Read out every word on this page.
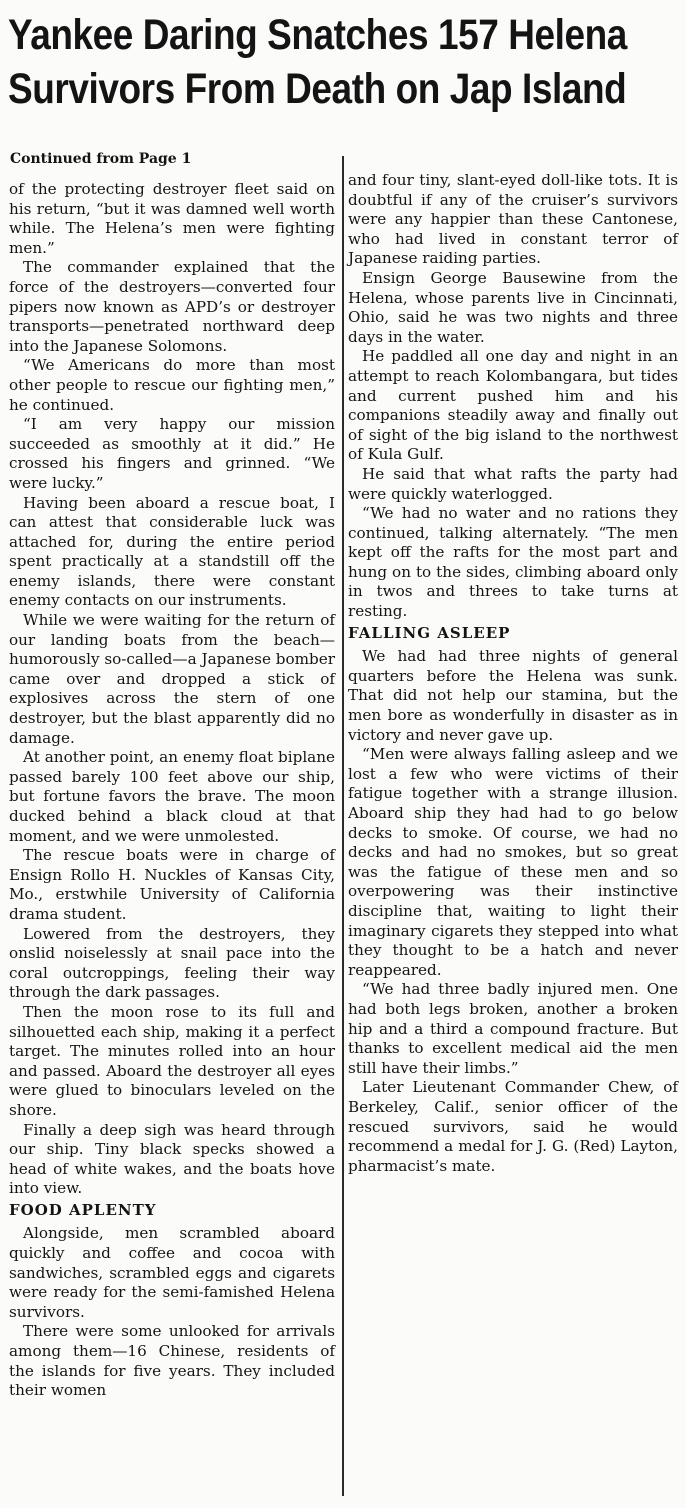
Yankee Daring Snatches 157 Helena
Survivors From Death on Jap Island
Continued from Page 1

of the protecting destroyer fleet said on his return, “but it was damned well worth while. The Helena’s men were fighting men.”

The commander explained that the force of the destroyers—converted four pipers now known as APD’s or destroyer transports—penetrated northward deep into the Japanese Solomons.

“We Americans do more than most other people to rescue our fighting men,” he continued.

“I am very happy our mission succeeded as smoothly at it did.” He crossed his fingers and grinned. “We were lucky.”

Having been aboard a rescue boat, I can attest that considerable luck was attached for, during the entire period spent practically at a standstill off the enemy islands, there were constant enemy contacts on our instruments.

While we were waiting for the return of our landing boats from the beach—humorously so-called—a Japanese bomber came over and dropped a stick of explosives across the stern of one destroyer, but the blast apparently did no damage.

At another point, an enemy float biplane passed barely 100 feet above our ship, but fortune favors the brave. The moon ducked behind a black cloud at that moment, and we were unmolested.

The rescue boats were in charge of Ensign Rollo H. Nuckles of Kansas City, Mo., erstwhile University of California drama student.

Lowered from the destroyers, they onslid noiselessly at snail pace into the coral outcroppings, feeling their way through the dark passages.

Then the moon rose to its full and silhouetted each ship, making it a perfect target. The minutes rolled into an hour and passed. Aboard the destroyer all eyes were glued to binoculars leveled on the shore.

Finally a deep sigh was heard through our ship. Tiny black specks showed a head of white wakes, and the boats hove into view.

FOOD APLENTY

Alongside, men scrambled aboard quickly and coffee and cocoa with sandwiches, scrambled eggs and cigarets were ready for the semi-famished Helena survivors.

There were some unlooked for arrivals among them—16 Chinese, residents of the islands for five years. They included their women

and four tiny, slant-eyed doll-like tots. It is doubtful if any of the cruiser’s survivors were any happier than these Cantonese, who had lived in constant terror of Japanese raiding parties.

Ensign George Bausewine from the Helena, whose parents live in Cincinnati, Ohio, said he was two nights and three days in the water.

He paddled all one day and night in an attempt to reach Kolombangara, but tides and current pushed him and his companions steadily away and finally out of sight of the big island to the northwest of Kula Gulf.

He said that what rafts the party had were quickly waterlogged.

“We had no water and no rations they continued, talking alternately. “The men kept off the rafts for the most part and hung on to the sides, climbing aboard only in twos and threes to take turns at resting.

FALLING ASLEEP

We had had three nights of general quarters before the Helena was sunk. That did not help our stamina, but the men bore as wonderfully in disaster as in victory and never gave up.

“Men were always falling asleep and we lost a few who were victims of their fatigue together with a strange illusion. Aboard ship they had had to go below decks to smoke. Of course, we had no decks and had no smokes, but so great was the fatigue of these men and so overpowering was their instinctive discipline that, waiting to light their imaginary cigarets they stepped into what they thought to be a hatch and never reappeared.

“We had three badly injured men. One had both legs broken, another a broken hip and a third a compound fracture. But thanks to excellent medical aid the men still have their limbs.”

Later Lieutenant Commander Chew, of Berkeley, Calif., senior officer of the rescued survivors, said he would recommend a medal for J. G. (Red) Layton, pharmacist’s mate.
